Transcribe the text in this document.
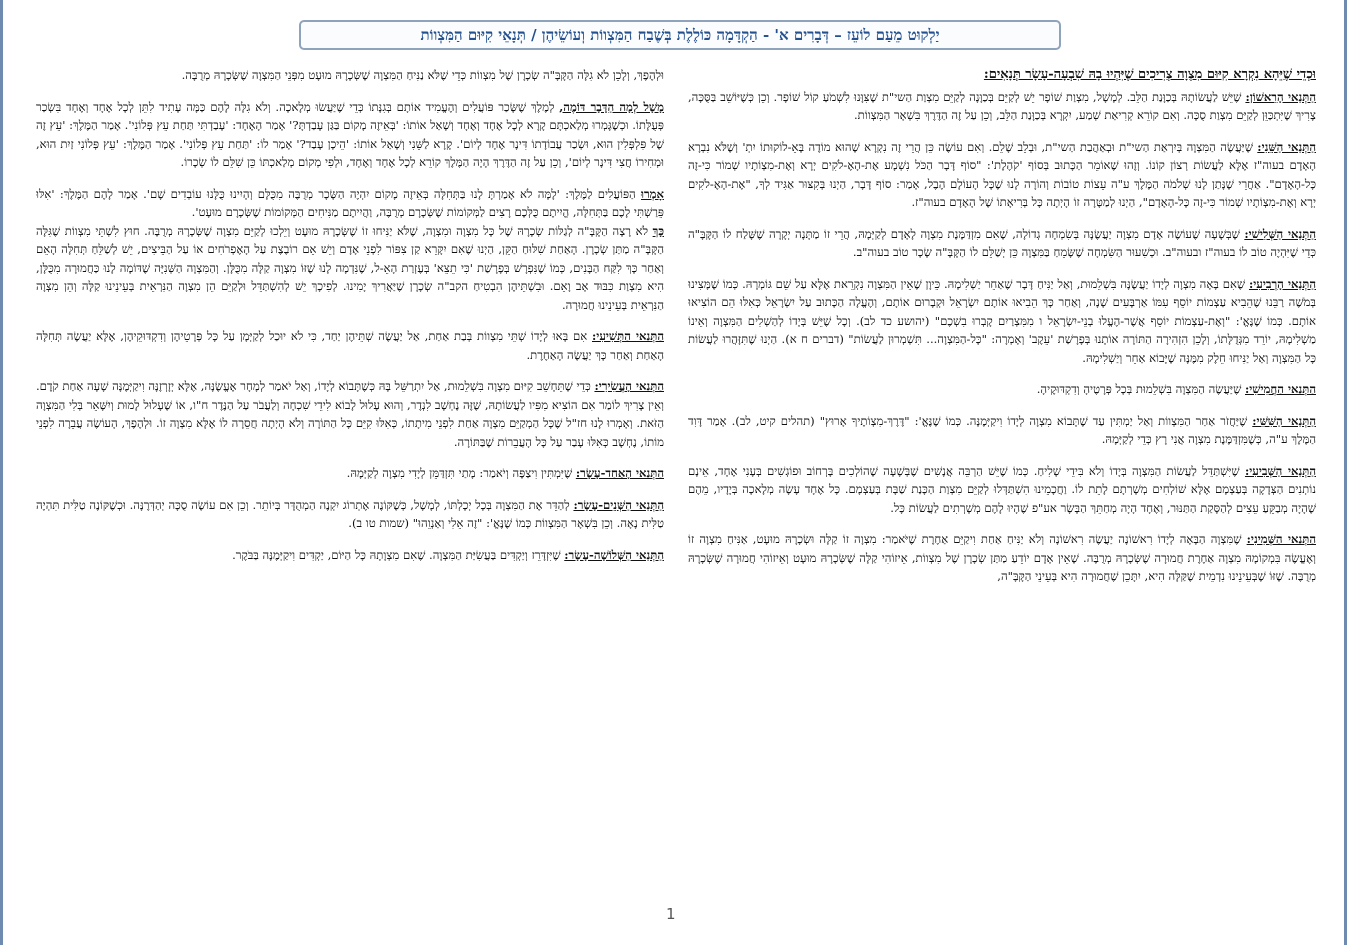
יַלְקוּט מֵעַם לוֹעֵז – דְּבָרִים א' - הַקְדָּמָה כּוֹלֶלֶת בְּשֶׁבַח הַמִּצְווֹת וְעוֹשֵׂיהֶן / תְּנָאֵי קִיּוּם הַמִּצְווֹת
וּכְדֵי שֶׁיֵּהָא נִקְרָא קִיּוּם מִצְוָה צְרִיכִים שֶׁיִּהְיוּ בָהּ שִׁבְעָה-עָשָׂר תְּנָאִים:

הַתְּנַאי הָרִאשׁוֹן: שֶׁיֵּשׁ לַעֲשׂוֹתָהּ בְּכַוָּנַת הַלֵּב. לְמָשָׁל, מִצְוַת שׁוֹפָר יֵשׁ לְקַיֵּם בְּכַוָּנָה לְקַיֵּם מִצְוַת הַשי"ת שֶׁצִּוָּנוּ לִשְׁמֹעַ קוֹל שׁוֹפָר. וְכֵן כְּשֶׁיּוֹשֵׁב בַּסֻּכָּה, צָרִיךְ שֶׁיִּתְכַּוֵּן לְקַיֵּם מִצְוַת סֻכָּה. וְאִם קוֹרֵא קְרִיאַת שְׁמַע, יִקְרָא בְּכַוָּנַת הַלֵּב, וְכֵן עַל זֶה הַדֶּרֶךְ בִּשְׁאָר הַמִּצְווֹת.

הַתְּנַאי הַשֵּׁנִי: שֶׁיַּעֲשֶׂה הַמִּצְוָה בְּיִרְאַת הַשי"ת וּבְאַהֲבַת הַשי"ת, וּבְלֵב שָׁלֵם. וְאִם עוֹשֶׂה כֵּן הֲרֵי זֶה נִקְרָא שֶׁהוּא מוֹדֶה בָּאֵ-לוֹקוּתוֹ יִתְ' וְשֶׁלֹּא נִבְרָא הָאָדָם בעוה"ז אֶלָּא לַעֲשׂוֹת רְצוֹן קוֹנוֹ. וְזֶהוּ שֶׁאוֹמֵר הַכָּתוּב בְּסוֹף 'קֹהֶלֶת': "סוֹף דָּבָר הַכֹּל נִשְׁמָע אֶת-הָאֶ-לֹקִים יְרָא וְאֶת-מִצְוֹתָיו שְׁמוֹר כִּי-זֶה כָּל-הָאָדָם". אַחֲרֵי שֶׁנָּתַן לָנוּ שְׁלֹמֹה הַמֶּלֶךְ ע"ה עֵצוֹת טוֹבוֹת וְהוֹרָה לָנוּ שֶׁכָּל הָעוֹלָם הֶבֶל, אָמַר: סוֹף דָּבָר, הַיְנוּ בְּקִצּוּר אַגִּיד לְךָ, "אֶת-הָאֶ-לֹקִים יְרָא וְאֶת-מִצְוֹתָיו שְׁמוֹר כִּי-זֶה כָּל-הָאָדָם", הַיְנוּ לְמַטָּרָה זוֹ הָיְתָה כָּל בְּרִיאָתוֹ שֶׁל הָאָדָם בעוה"ז.

הַתְּנַאי הַשְּׁלִישִׁי: שֶׁבְּשָׁעָה שֶׁעוֹשֶׂה אָדָם מִצְוָה יַעֲשֶׂנָּה בְּשִׂמְחָה גְדוֹלָה, שֶׁאִם מִזְדַּמֶּנֶת מִצְוָה לָאָדָם לְקַיְּמָהּ, הֲרֵי זוֹ מַתָּנָה יְקָרָה שֶׁשָּׁלַח לוֹ הַקָּבָּ"ה כְּדֵי שֶׁיִּהְיֶה טוֹב לוֹ בעוה"ז ובעוה"ב. וּכְשִׁעוּר הַשִּׂמְחָה שֶׁשָּׂמֵחַ בַּמִּצְוָה כֵּן יְשַׁלֵּם לוֹ הַקָּבָּ"ה שָׂכָר טוֹב בעוה"ב.

הַתְּנַאי הָרְבִיעִי: שֶׁאִם בָּאָה מִצְוָה לְיָדוֹ יַעֲשֶׂנָּה בִּשְׁלֵמוּת, וְאַל יַנִּיחַ דָּבָר שֶׁאַחֵר יַשְׁלִימָהּ. כֵּיוָן שֶׁאֵין הַמִּצְוָה נִקְרֵאת אֶלָּא עַל שֵׁם גּוֹמְרָהּ. כְּמוֹ שֶׁמָּצִינוּ בְּמֹשֶׁה רַבֵּנוּ שֶׁהֵבִיא עַצְמוֹת יוֹסֵף עִמּוֹ אַרְבָּעִים שָׁנָה, וְאַחַר כָּךְ הֵבִיאוּ אוֹתָם יִשְׂרָאֵל וּקְבָרוּם אוֹתָם, וְהֶעֱלָה הַכָּתוּב עַל יִשְׂרָאֵל כְּאִלּוּ הֵם הוֹצִיאוּ אוֹתָם. כְּמוֹ שֶׁנֶּאֱ': "וְאֶת-עַצְמוֹת יוֹסֵף אֲשֶׁר-הֶעֱלוּ בְנֵי-יִשְׂרָאֵל ו מִמִּצְרַיִם קָבְרוּ בִשְׁכֶם" (יהושע כד לב). וְכָל שֶׁיֵּשׁ בְּיָדוֹ לְהַשְׁלִים הַמִּצְוָה וְאֵינוֹ מַשְׁלִימָהּ, יוֹרֵד מִגְּדֻלָּתוֹ, וְלָכֵן הִזְהִירָה הַתּוֹרָה אוֹתָנוּ בְּפָרָשַׁת 'עֵקֶב' וְאָמְרָה: "כָּל-הַמִּצְוָה... תִּשְׁמְרוּן לַעֲשׂוֹת" (דברים ח א). הַיְנוּ שֶׁתִּזָּהֲרוּ לַעֲשׂוֹת כָּל הַמִּצְוָה וְאַל יַנִּיחוּ חֵלֶק מִמֶּנָּה שֶׁיָּבוֹא אַחֵר וְיַשְׁלִימָהּ.

הַתְּנַאי הַחֲמִישִׁי: שֶׁיַּעֲשֶׂה הַמִּצְוָה בִּשְׁלֵמוּת בְּכָל פְּרָטֶיהָ וְדִקְדּוּקֶיהָ.

הַתְּנַאי הַשִּׁשִּׁי: שֶׁיַּחֲזֹר אַחַר הַמִּצְווֹת וְאַל יַמְתִּין עַד שֶׁתָּבוֹא מִצְוָה לְיָדוֹ וִיקַיְּמֶנָּה. כְּמוֹ שֶׁנֶּאֱ': "דֶּרֶךְ-מִצְוֹתֶיךָ אָרוּץ" (תהלים קיט, לב). אָמַר דָּוִד הַמֶּלֶךְ ע"ה, כְּשֶׁמִּזְדַּמֶּנֶת מִצְוָה אֲנִי רָץ כְּדֵי לְקַיְּמָהּ.

הַתְּנַאי הַשְּׁבִיעִי: שֶׁיִּשְׁתַּדֵּל לַעֲשׂוֹת הַמִּצְוָה בְּיָדוֹ וְלֹא בִּידֵי שָׁלִיחַ. כְּמוֹ שֶׁיֵּשׁ הַרְבֵּה אֲנָשִׁים שֶׁבְּשָׁעָה שֶׁהוֹלְכִים בָּרְחוֹב וּפוֹגְשִׁים בְּעָנִי אֶחָד, אֵינָם נוֹתְנִים הַצְּדָקָה בְּעַצְמָם אֶלָּא שׁוֹלְחִים מְשָׁרְתָם לָתֵת לוֹ. וַחֲכָמֵינוּ הִשְׁתַּדְּלוּ לְקַיֵּם מִצְוַת הַכָּנַת שַׁבָּת בְּעַצְמָם. כָּל אֶחָד עָשָׂה מְלָאכָה בְּיָדָיו, מֵהֶם שֶׁהָיָה מְבַקֵּעַ עֵצִים לְהַסָּקַת הַתַּנּוּר, וְאֶחָד הָיָה מְחַתֵּךְ הַבָּשָׂר אע"פ שֶׁהָיוּ לָהֶם מְשָׁרְתִים לַעֲשׂוֹת כָּל.

הַתְּנַאי הַשְּׁמִינִי: שֶׁמִּצְוָה הַבָּאָה לְיָדוֹ רִאשׁוֹנָה יַעֲשֶׂה רִאשׁוֹנָה וְלֹא יַנִּיחַ אַחַת וִיקַיֵּם אַחֶרֶת שֶׁיֹּאמַר: מִצְוָה זוֹ קַלָּה וּשְׂכָרָהּ מוּעָט, אַנִּיחַ מִצְוָה זוֹ וְאֶעֱשֶׂה בִּמְקוֹמָהּ מִצְוָה אַחֶרֶת חֲמוּרָה שֶׁשְּׂכָרָהּ מְרֻבֶּה. שֶׁאֵין אָדָם יוֹדֵעַ מַתַּן שְׂכָרָן שֶׁל מִצְווֹת, אֵיזוֹהִי קַלָּה שֶׁשְּׂכָרָהּ מוּעָט וְאֵיזוֹהִי חֲמוּרָה שֶׁשְּׂכָרָהּ מְרֻבֶּה. שֶׁזּוֹ שֶׁבְּעֵינֵינוּ נִדְמֵית שֶׁקַּלָּה הִיא, יִתָּכֵן שֶׁחֲמוּרָה הִיא בְּעֵינֵי הַקָּבָּ"ה,

וּלְהֶפֶךְ, וְלָכֵן לֹא גִלָּה הַקָּבָּ"ה שְׂכָרָן שֶׁל מִצְווֹת כְּדֵי שֶׁלֹּא נַנִּיחַ הַמִּצְוָה שֶׁשְּׂכָרָהּ מוּעָט מִפְּנֵי הַמִּצְוָה שֶׁשְּׂכָרָהּ מְרֻבָּה.

מָשָׁל לְמָה הַדָּבָר דּוֹמֶה, לְמֶלֶךְ שֶׁשָּׂכַר פּוֹעֲלִים וְהֶעֱמִיד אוֹתָם בְּגִנָּתוֹ כְּדֵי שֶׁיַּעֲשׂוּ מְלָאכָה. וְלֹא גִלָּה לָהֶם כַּמָּה עָתִיד לִתֵּן לְכָל אֶחָד וְאֶחָד בִּשְׂכַר פְּעֻלָּתוֹ. וּכְשֶׁגָּמְרוּ מְלַאכְתָּם קָרָא לְכָל אֶחָד וְאֶחָד וְשָׁאַל אוֹתוֹ: 'בְּאֵיזֶה מָקוֹם בַּגַּן עָבַדְתָּ?' אָמַר הָאֶחָד: 'עָבַדְתִּי תַּחַת עֵץ פְּלוֹנִי'. אָמַר הַמֶּלֶךְ: 'עֵץ זֶה שֶׁל פִּלְפְּלִין הוּא, וּשְׂכַר עֲבוֹדָתוֹ דִּינָר אֶחָד לְיוֹם'. קָרָא לַשֵּׁנִי וְשָׁאַל אוֹתוֹ: 'הֵיכָן עָבַד?' אָמַר לוֹ: 'תַּחַת עֵץ פְּלוֹנִי'. אָמַר הַמֶּלֶךְ: 'עֵץ פְּלוֹנִי זַיִת הוּא, וּמְחִירוֹ חֲצִי דִּינָר לְיוֹם', וְכֵן עַל זֶה הַדֶּרֶךְ הָיָה הַמֶּלֶךְ קוֹרֵא לְכָל אֶחָד וְאֶחָד, וּלְפִי מְקוֹם מְלַאכְתּוֹ כֵּן שִׁלֵּם לוֹ שְׂכָרוֹ.

אָמְרוּ הַפּוֹעֲלִים לַמֶּלֶךְ: 'לָמָּה לֹא אָמַרְתָּ לָנוּ בַּתְּחִלָּה בְּאֵיזֶה מָקוֹם יִהְיֶה הַשָּׂכָר מְרֻבֶּה מִכֻּלָּם וְהָיִינוּ כֻּלָּנוּ עוֹבְדִים שָׁם'. אָמַר לָהֶם הַמֶּלֶךְ: 'אִלּוּ פֵּרַשְׁתִּי לָכֶם בַּתְּחִלָּה, הֱיִיתֶם כֻּלְּכֶם רָצִים לַמְּקוֹמוֹת שֶׁשְּׂכָרָם מְרֻבֶּה, וַהֲיִיתֶם מַנִּיחִים הַמְּקוֹמוֹת שֶׁשְּׂכָרָם מוּעָט'.

כָּךְ לֹא רָצָה הַקָּבָּ"ה לְגַלּוֹת שְׂכָרָהּ שֶׁל כָּל מִצְוָה וּמִצְוָה, שֶׁלֹּא יַנִּיחוּ זוֹ שֶׁשְּׂכָרָהּ מוּעָט וְיֵלְכוּ לְקַיֵּם מִצְוָה שֶׁשְּׂכָרָהּ מְרֻבֶּה. חוּץ לִשְׁתֵּי מִצְווֹת שֶׁגִּלָּה הַקָּבָּ"ה מַתַּן שְׂכָרָן. הָאַחַת שִׁלּוּחַ הַקֵּן, הַיְנוּ שֶׁאִם יִקָּרֵא קַן צִפּוֹר לִפְנֵי אָדָם וְיֵשׁ אֵם רוֹבֶצֶת עַל הָאֶפְרֹחִים אוֹ עַל הַבֵּיצִים, יֵשׁ לְשַׁלֵּחַ תְּחִלָּה הָאֵם וְאַחַר כָּךְ לִקַּח הַבָּנִים, כְּמוֹ שֶׁנִּפְרָשׁ בְּפָרָשַׁת 'כִּי תֵצֵא' בְּעֶזְרַת הָאֵ-ל, שֶׁנִּדְמָה לָנוּ שֶׁזּוֹ מִצְוָה קַלָּה מִכֻּלָּן. וְהַמִּצְוָה הַשְּׁנִיָּה שֶׁדּוֹמָה לָנוּ כַּחֲמוּרָה מִכֻּלָּן, הִיא מִצְוַת כִּבּוּד אָב וָאֵם. וּבִשְׁתֵּיהֶן הִבְטִיחַ הקב"ה שְׂכָרָן שֶׁיַּאֲרִיךְ יָמִינוּ. לְפִיכָךְ יֵשׁ לְהִשְׁתַּדֵּל וּלְקַיֵּם הֵן מִצְוָה הַנִּרְאֵית בְּעֵינֵינוּ קַלָּה וְהֵן מִצְוָה הַנִּרְאֵית בְּעֵינֵינוּ חֲמוּרָה.

הַתְּנַאי הַתְּשִׁיעִי: אִם בָּאוּ לְיָדוֹ שְׁתֵּי מִצְווֹת בְּבַת אַחַת, אַל יַעֲשֶׂה שְׁתֵּיהֶן יַחַד, כִּי לֹא יוּכַל לְקַיְּמָן עַל כָּל פְּרָטֵיהֶן וְדִקְדּוּקֵיהֶן, אֶלָּא יַעֲשֶׂה תְּחִלָּה הָאַחַת וְאַחַר כָּךְ יַעֲשֶׂה הָאַחֶרֶת.

הַתְּנַאי הָעֲשִׂירִי: כְּדֵי שֶׁתֵּחָשֵׁב קִיּוּם מִצְוָה בִּשְׁלֵמוּת, אַל יִתְרַשֵּׁל בָּהּ כְּשֶׁתָּבוֹא לְיָדוֹ, וְאַל יֹאמַר לְמָחָר אֶעֱשֶׂנָּה, אֶלָּא יְזָרְזֶנָּה וִיקַיְּמֶנָּה שָׁעָה אַחַת קֹדֶם. וְאֵין צָרִיךְ לוֹמַר אִם הוֹצִיא מִפִּיו לַעֲשׂוֹתָהּ, שֶׁזֶּה נֶחְשָׁב לִנְדֶר, וְהוּא עָלוּל לָבוֹא לִידֵי שִׁכְחָה וְלַעֲבֹר עַל הַנֶּדֶר ח"ו, אוֹ שֶׁעָלוּל לָמוּת וְיִשָּׁאֵר בְּלִי הַמִּצְוָה הַזֹּאת. וְאָמְרוּ לָנוּ חז"ל שֶׁכָּל הַמְקַיֵּם מִצְוָה אַחַת לִפְנֵי מִיתָתוֹ, כְּאִלּוּ קִיֵּם כָּל הַתּוֹרָה וְלֹא הָיְתָה חֲסֵרָה לוֹ אֶלָּא מִצְוָה זוֹ. וּלְהֶפֶךְ, הָעוֹשֶׂה עֲבֵרָה לִפְנֵי מוֹתוֹ, נֶחְשָׁב כְּאִלּוּ עָבַר עַל כָּל הָעֲבֵרוֹת שֶׁבַּתּוֹרָה.

הַתְּנַאי הָאַחַד-עָשָׂר: שֶׁיִּמְתִּין וִיצַפֶּה וְיֹאמַר: מָתַי תִּזְדַּמֵּן לְיָדִי מִצְוָה לְקַיְּמָהּ.

הַתְּנַאי הַשְּׁנֵים-עָשָׂר: לְהַדֵּר אֶת הַמִּצְוָה בְּכָל יְכָלְתּוֹ, לְמָשָׁל, כְּשֶׁקּוֹנֶה אֶתְרוֹג יִקְנֶה הַמְהֻדָּר בְּיוֹתֵר. וְכֵן אִם עוֹשֶׂה סֻכָּה יְהַדְּרֶנָּה. וּכְשֶׁקּוֹנֶה טַלִּית תִּהְיֶה טַלִּית נָאָה. וְכֵן בִּשְׁאָר הַמִּצְווֹת כְּמוֹ שֶׁנֶּאֱ': "זֶה אֵלִי וְאַנְוֵהוּ" (שמות טו ב).

הַתְּנַאי הַשְּׁלוֹשָׁה-עָשָׂר: שֶׁיִּזְדָּרֵז וְיַקְדִּים בַּעֲשִׂיַּת הַמִּצְוָה. שֶׁאִם מִצְוָתָהּ כָּל הַיּוֹם, יַקְדִּים וִיקַיְּמֶנָּה בַּבֹּקֶר.

1
